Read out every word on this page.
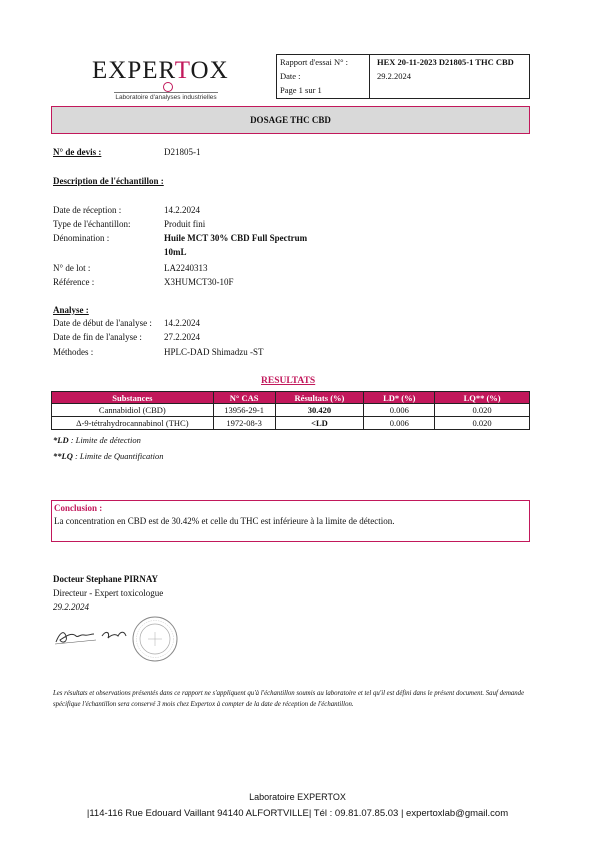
EXPERTOX
Laboratoire d'analyses industrielles
Rapport d'essai N° :	HEX 20-11-2023 D21805-1 THC CBD
Date :	29.2.2024
Page 1 sur 1
DOSAGE THC CBD
N° de devis :	D21805-1
Description de l'échantillon :
Date de réception :	14.2.2024
Type de l'échantillon:	Produit fini
Dénomination :	Huile MCT 30% CBD Full Spectrum
10mL
N° de lot :	LA2240313
Référence :	X3HUMCT30-10F
Analyse :
Date de début de l'analyse : 14.2.2024
Date de fin de l'analyse : 27.2.2024
Méthodes :	HPLC-DAD Shimadzu -ST
RESULTATS
Substances	N° CAS	Résultats (%)	LD* (%)	LQ** (%)
Cannabidiol (CBD)	13956-29-1	30.420	0.006	0.020
Δ-9-tétrahydrocannabinol (THC)	1972-08-3	<LD	0.006	0.020
*LD : Limite de détection
**LQ : Limite de Quantification
Conclusion :
La concentration en CBD est de 30.42% et celle du THC est inférieure à la limite de détection.
Docteur Stephane PIRNAY
Directeur - Expert toxicologue
29.2.2024
Les résultats et observations présentés dans ce rapport ne s'appliquent qu'à l'échantillon soumis au laboratoire et tel qu'il est défini dans le présent document. Sauf demande spécifique l'échantillon sera conservé 3 mois chez Expertox à compter de la date de réception de l'échantillon.
Laboratoire EXPERTOX
|114-116 Rue Edouard Vaillant 94140 ALFORTVILLE| Tél : 09.81.07.85.03 | expertoxlab@gmail.com
